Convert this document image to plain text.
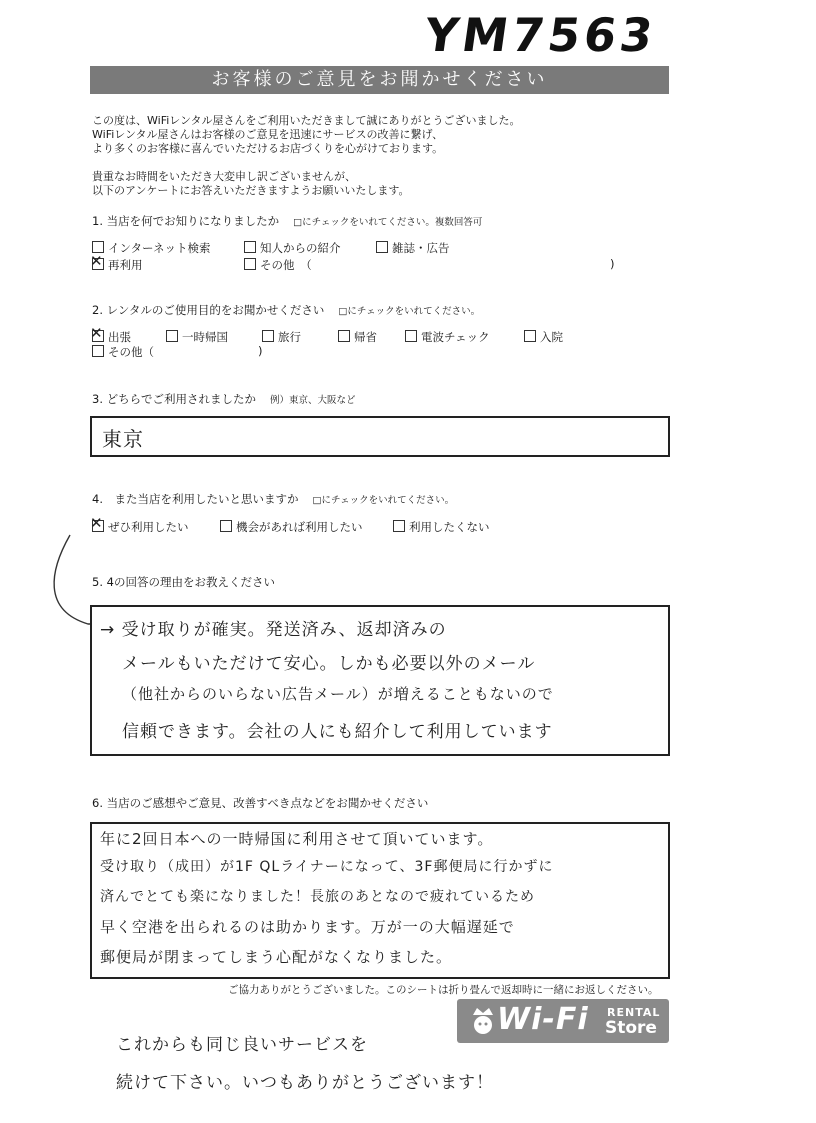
YM7563
お客様のご意見をお聞かせください
この度は、WiFiレンタル屋さんをご利用いただきまして誠にありがとうございました。
WiFiレンタル屋さんはお客様のご意見を迅速にサービスの改善に繋げ、
より多くのお客様に喜んでいただけるお店づくりを心がけております。
貴重なお時間をいただき大変申し訳ございませんが、
以下のアンケートにお答えいただきますようお願いいたします。
1. 当店を何でお知りになりましたか □にチェックをいれてください。複数回答可
インターネット検索	知人からの紹介	雑誌・広告
✕再利用	その他　（	)
2. レンタルのご使用目的をお聞かせください □にチェックをいれてください。
✕出張	一時帰国	旅行	帰省	電波チェック	入院
その他（	)
3. どちらでご利用されましたか 例）東京、大阪など
東京
4.　また当店を利用したいと思いますか □にチェックをいれてください。
✕ぜひ利用したい	機会があれば利用したい	利用したくない
5. 4の回答の理由をお教えください
→ 受け取りが確実。発送済み、返却済みの
メールもいただけて安心。しかも必要以外のメール
（他社からのいらない広告メール）が増えることもないので
信頼できます。会社の人にも紹介して利用しています
6. 当店のご感想やご意見、改善すべき点などをお聞かせください
年に2回日本への一時帰国に利用させて頂いています。
受け取り（成田）が1F QLライナーになって、3F郵便局に行かずに
済んでとても楽になりました！長旅のあとなので疲れているため
早く空港を出られるのは助かります。万が一の大幅遅延で
郵便局が閉まってしまう心配がなくなりました。
ご協力ありがとうございました。このシートは折り畳んで返却時に一緒にお返しください。
Wi-Fi RENTAL
Store
これからも同じ良いサービスを
続けて下さい。いつもありがとうございます！
